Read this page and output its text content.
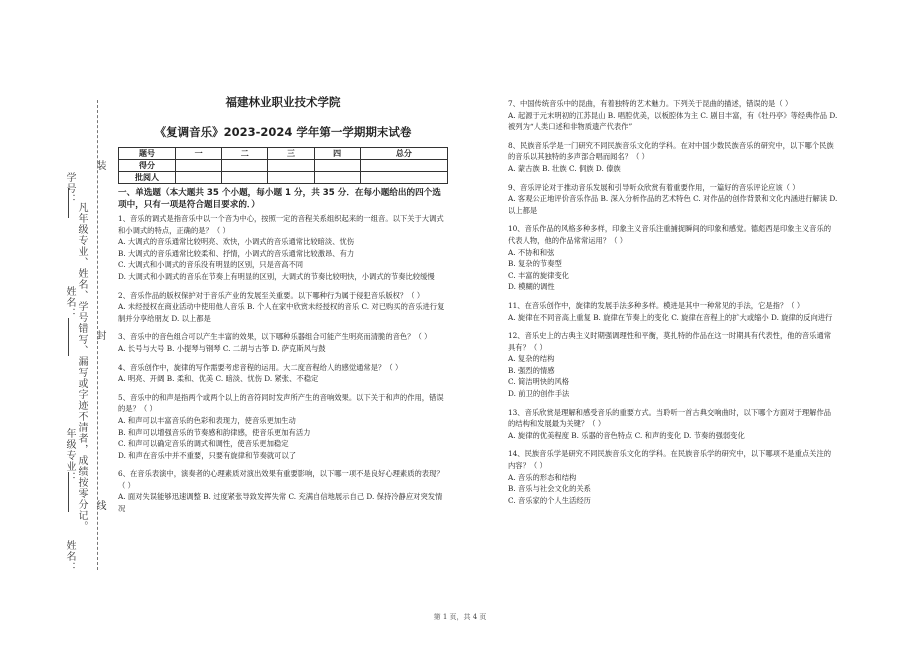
学号：
姓名：
年级专业：
姓名：
凡年级专业、姓名、学号错写、漏写或字迹不清者，成绩按零分记。
装
封
线
福建林业职业技术学院
《复调音乐》2023-2024 学年第一学期期末试卷
题号	一	二	三	四	总分
得分					
批阅人					
一、单选题（本大题共 35 个小题，每小题 1 分，共 35 分．在每小题给出的四个选项中，只有一项是符合题目要求的．）
1、音乐的调式是指音乐中以一个音为中心，按照一定的音程关系组织起来的一组音。以下关于大调式和小调式的特点，正确的是？（ ）
A. 大调式的音乐通常比较明亮、欢快，小调式的音乐通常比较暗淡、忧伤
B. 大调式的音乐通常比较柔和、抒情，小调式的音乐通常比较激昂、有力
C. 大调式和小调式的音乐没有明显的区别，只是音高不同
D. 大调式和小调式的音乐在节奏上有明显的区别，大调式的节奏比较明快，小调式的节奏比较缓慢
2、音乐作品的版权保护对于音乐产业的发展至关重要。以下哪种行为属于侵犯音乐版权？（ ）
A. 未经授权在商业活动中使用他人音乐 B. 个人在家中欣赏未经授权的音乐 C. 对已购买的音乐进行复制并分享给朋友 D. 以上都是
3、音乐中的音色组合可以产生丰富的效果，以下哪种乐器组合可能产生明亮而清脆的音色？（ ）
A. 长号与大号 B. 小提琴与钢琴 C. 二胡与古筝 D. 萨克斯风与鼓
4、音乐创作中，旋律的写作需要考虑音程的运用。大二度音程给人的感觉通常是？（ ）
A. 明亮、开阔 B. 柔和、优美 C. 暗淡、忧伤 D. 紧张、不稳定
5、音乐中的和声是指两个或两个以上的音符同时发声所产生的音响效果。以下关于和声的作用，错误的是？（ ）
A. 和声可以丰富音乐的色彩和表现力，使音乐更加生动
B. 和声可以增强音乐的节奏感和韵律感，使音乐更加有活力
C. 和声可以确定音乐的调式和调性，使音乐更加稳定
D. 和声在音乐中并不重要，只要有旋律和节奏就可以了
6、在音乐表演中，演奏者的心理素质对演出效果有重要影响，以下哪一项不是良好心理素质的表现？（ ）
A. 面对失误能够迅速调整 B. 过度紧张导致发挥失常 C. 充满自信地展示自己 D. 保持冷静应对突发情况
7、中国传统音乐中的昆曲，有着独特的艺术魅力。下列关于昆曲的描述，错误的是（ ）
A. 起源于元末明初的江苏昆山 B. 唱腔优美，以板腔体为主 C. 剧目丰富，有《牡丹亭》等经典作品 D. 被列为“人类口述和非物质遗产代表作”
8、民族音乐学是一门研究不同民族音乐文化的学科。在对中国少数民族音乐的研究中，以下哪个民族的音乐以其独特的多声部合唱而闻名？（ ）
A. 蒙古族 B. 壮族 C. 侗族 D. 傣族
9、音乐评论对于推动音乐发展和引导听众欣赏有着重要作用，一篇好的音乐评论应该（ ）
A. 客观公正地评价音乐作品 B. 深入分析作品的艺术特色 C. 对作品的创作背景和文化内涵进行解读 D. 以上都是
10、音乐作品的风格多种多样，印象主义音乐注重捕捉瞬间的印象和感觉。德彪西是印象主义音乐的代表人物，他的作品常常运用？（ ）
A. 不协和和弦
B. 复杂的节奏型
C. 丰富的旋律变化
D. 模糊的调性
11、在音乐创作中，旋律的发展手法多种多样。模进是其中一种常见的手法，它是指？（ ）
A. 旋律在不同音高上重复 B. 旋律在节奏上的变化 C. 旋律在音程上的扩大或缩小 D. 旋律的反向进行
12、音乐史上的古典主义时期强调理性和平衡，莫扎特的作品在这一时期具有代表性，他的音乐通常具有？（ ）
A. 复杂的结构
B. 强烈的情感
C. 简洁明快的风格
D. 前卫的创作手法
13、音乐欣赏是理解和感受音乐的重要方式。当聆听一首古典交响曲时，以下哪个方面对于理解作品的结构和发展最为关键？（ ）
A. 旋律的优美程度 B. 乐器的音色特点 C. 和声的变化 D. 节奏的强弱变化
14、民族音乐学是研究不同民族音乐文化的学科。在民族音乐学的研究中，以下哪项不是重点关注的内容？（ ）
A. 音乐的形态和结构
B. 音乐与社会文化的关系
C. 音乐家的个人生活经历
第 1 页，共 4 页
